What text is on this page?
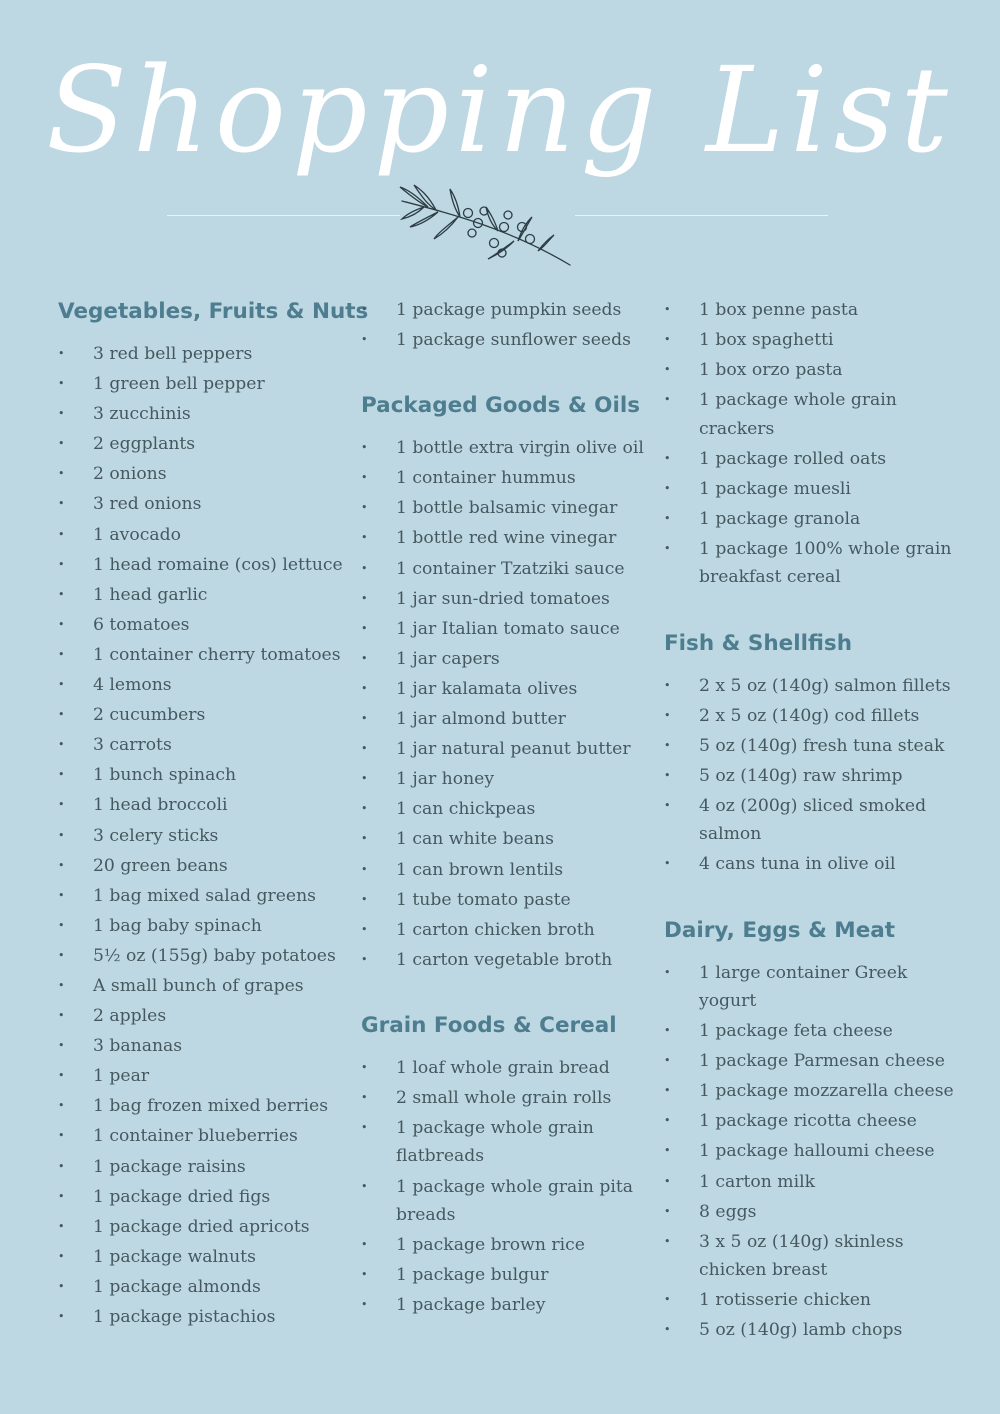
Shopping List
Vegetables, Fruits & Nuts
• 3 red bell peppers
• 1 green bell pepper
• 3 zucchinis
• 2 eggplants
• 2 onions
• 3 red onions
• 1 avocado
• 1 head romaine (cos) lettuce
• 1 head garlic
• 6 tomatoes
• 1 container cherry tomatoes
• 4 lemons
• 2 cucumbers
• 3 carrots
• 1 bunch spinach
• 1 head broccoli
• 3 celery sticks
• 20 green beans
• 1 bag mixed salad greens
• 1 bag baby spinach
• 5½ oz (155g) baby potatoes
• A small bunch of grapes
• 2 apples
• 3 bananas
• 1 pear
• 1 bag frozen mixed berries
• 1 container blueberries
• 1 package raisins
• 1 package dried figs
• 1 package dried apricots
• 1 package walnuts
• 1 package almonds
• 1 package pistachios
• 1 package pumpkin seeds
• 1 package sunflower seeds
Packaged Goods & Oils
• 1 bottle extra virgin olive oil
• 1 container hummus
• 1 bottle balsamic vinegar
• 1 bottle red wine vinegar
• 1 container Tzatziki sauce
• 1 jar sun-dried tomatoes
• 1 jar Italian tomato sauce
• 1 jar capers
• 1 jar kalamata olives
• 1 jar almond butter
• 1 jar natural peanut butter
• 1 jar honey
• 1 can chickpeas
• 1 can white beans
• 1 can brown lentils
• 1 tube tomato paste
• 1 carton chicken broth
• 1 carton vegetable broth
Grain Foods & Cereal
• 1 loaf whole grain bread
• 2 small whole grain rolls
• 1 package whole grain flatbreads
• 1 package whole grain pita breads
• 1 package brown rice
• 1 package bulgur
• 1 package barley
• 1 box penne pasta
• 1 box spaghetti
• 1 box orzo pasta
• 1 package whole grain crackers
• 1 package rolled oats
• 1 package muesli
• 1 package granola
• 1 package 100% whole grain breakfast cereal
Fish & Shellfish
• 2 x 5 oz (140g) salmon fillets
• 2 x 5 oz (140g) cod fillets
• 5 oz (140g) fresh tuna steak
• 5 oz (140g) raw shrimp
• 4 oz (200g) sliced smoked salmon
• 4 cans tuna in olive oil
Dairy, Eggs & Meat
• 1 large container Greek yogurt
• 1 package feta cheese
• 1 package Parmesan cheese
• 1 package mozzarella cheese
• 1 package ricotta cheese
• 1 package halloumi cheese
• 1 carton milk
• 8 eggs
• 3 x 5 oz (140g) skinless chicken breast
• 1 rotisserie chicken
• 5 oz (140g) lamb chops
